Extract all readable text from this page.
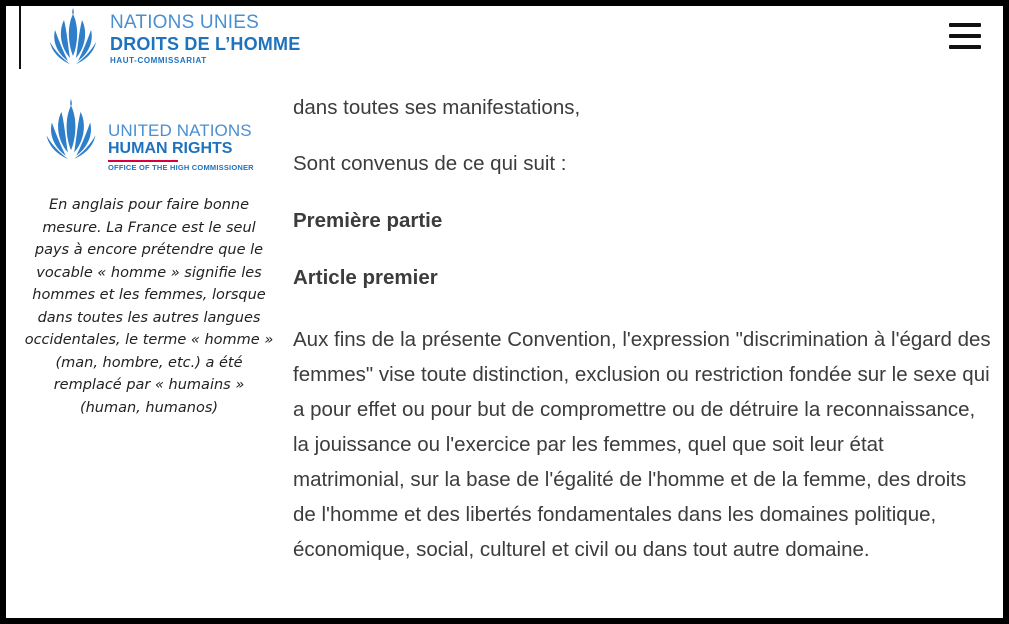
NATIONS UNIES
DROITS DE L’HOMME
HAUT-COMMISSARIAT
UNITED NATIONS
HUMAN RIGHTS
OFFICE OF THE HIGH COMMISSIONER
En anglais pour faire bonne mesure. La France est le seul pays à encore prétendre que le vocable « homme » signifie les hommes et les femmes, lorsque dans toutes les autres langues occidentales, le terme « homme » (man, hombre, etc.) a été remplacé par « humains » (human, humanos)

dans toutes ses manifestations,

Sont convenus de ce qui suit :

Première partie

Article premier

Aux fins de la présente Convention, l'expression "discrimination à l'égard des femmes" vise toute distinction, exclusion ou restriction fondée sur le sexe qui a pour effet ou pour but de compromettre ou de détruire la reconnaissance, la jouissance ou l'exercice par les femmes, quel que soit leur état matrimonial, sur la base de l'égalité de l'homme et de la femme, des droits de l'homme et des libertés fondamentales dans les domaines politique, économique, social, culturel et civil ou dans tout autre domaine.
